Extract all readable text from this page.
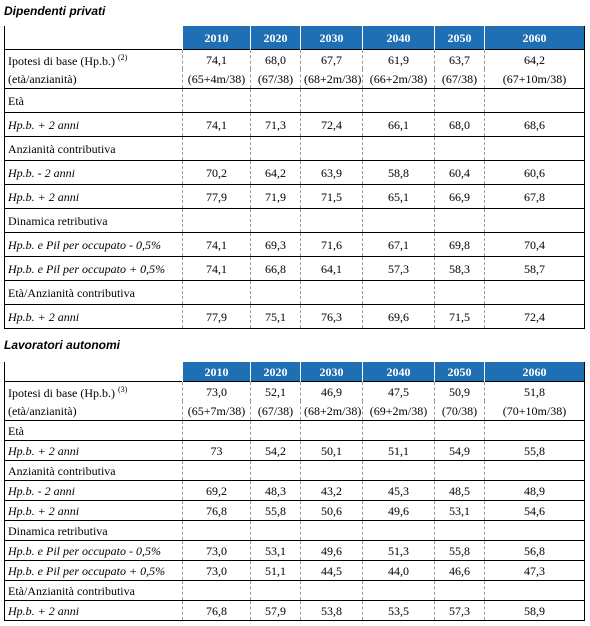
Dipendenti privati
	2010	2020	2030	2040	2050	2060
Ipotesi di base (Hp.b.) $^{(2)}$	74,1	68,0	67,7	61,9	63,7	64,2
(età/anzianità)	(65+4m/38)	(67/38)	(68+2m/38)	(66+2m/38)	(67/38)	(67+10m/38)
Età						
Hp.b. + 2 anni	74,1	71,3	72,4	66,1	68,0	68,6
Anzianità contributiva						
Hp.b. - 2 anni	70,2	64,2	63,9	58,8	60,4	60,6
Hp.b. + 2 anni	77,9	71,9	71,5	65,1	66,9	67,8
Dinamica retributiva						
Hp.b. e Pil per occupato - 0,5%	74,1	69,3	71,6	67,1	69,8	70,4
Hp.b. e Pil per occupato + 0,5%	74,1	66,8	64,1	57,3	58,3	58,7
Età/Anzianità contributiva						
Hp.b. + 2 anni	77,9	75,1	76,3	69,6	71,5	72,4
Lavoratori autonomi
	2010	2020	2030	2040	2050	2060
Ipotesi di base (Hp.b.) $^{(3)}$	73,0	52,1	46,9	47,5	50,9	51,8
(età/anzianità)	(65+7m/38)	(67/38)	(68+2m/38)	(69+2m/38)	(70/38)	(70+10m/38)
Età						
Hp.b. + 2 anni	73	54,2	50,1	51,1	54,9	55,8
Anzianità contributiva						
Hp.b. - 2 anni	69,2	48,3	43,2	45,3	48,5	48,9
Hp.b. + 2 anni	76,8	55,8	50,6	49,6	53,1	54,6
Dinamica retributiva						
Hp.b. e Pil per occupato - 0,5%	73,0	53,1	49,6	51,3	55,8	56,8
Hp.b. e Pil per occupato + 0,5%	73,0	51,1	44,5	44,0	46,6	47,3
Età/Anzianità contributiva						
Hp.b. + 2 anni	76,8	57,9	53,8	53,5	57,3	58,9
